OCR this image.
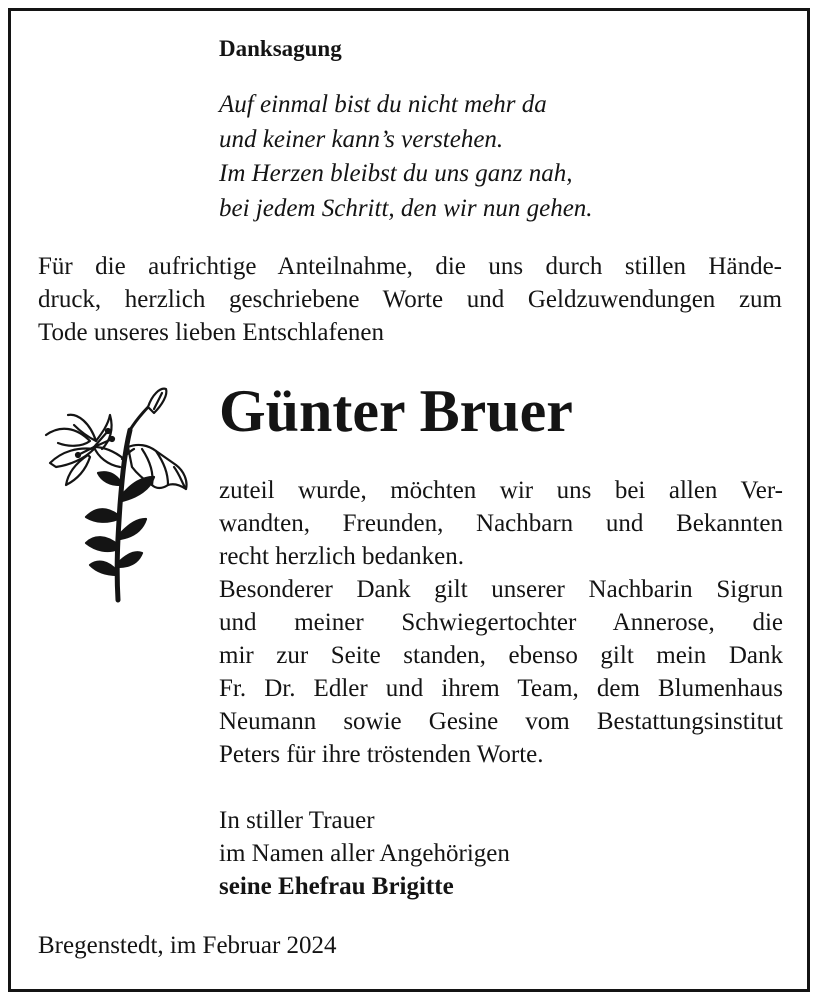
Danksagung
Auf einmal bist du nicht mehr da
und keiner kann’s verstehen.
Im Herzen bleibst du uns ganz nah,
bei jedem Schritt, den wir nun gehen.
Für die aufrichtige Anteilnahme, die uns durch stillen Hände-
druck, herzlich geschriebene Worte und Geldzuwendungen zum
Tode unseres lieben Entschlafenen
Günter Bruer
zuteil wurde, möchten wir uns bei allen Ver-
wandten, Freunden, Nachbarn und Bekannten
recht herzlich bedanken.
Besonderer Dank gilt unserer Nachbarin Sigrun
und meiner Schwiegertochter Annerose, die
mir zur Seite standen, ebenso gilt mein Dank
Fr. Dr. Edler und ihrem Team, dem Blumenhaus
Neumann sowie Gesine vom Bestattungsinstitut
Peters für ihre tröstenden Worte.
In stiller Trauer
im Namen aller Angehörigen
seine Ehefrau Brigitte
Bregenstedt, im Februar 2024
